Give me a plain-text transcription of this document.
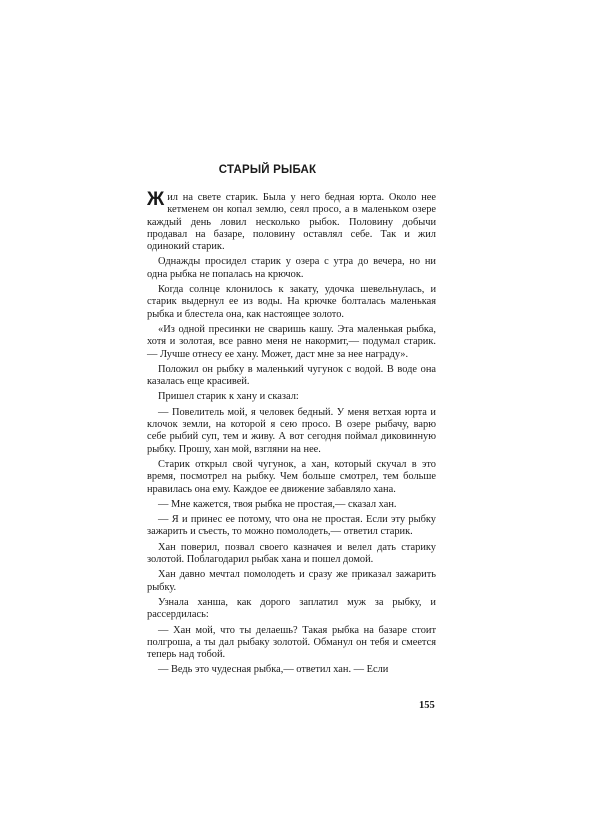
СТАРЫЙ РЫБАК

Жил на свете старик. Была у него бедная юрта. Около нее кетменем он копал землю, сеял просо, а в маленьком озере каждый день ловил несколько рыбок. Половину добычи продавал на базаре, половину оставлял себе. Так и жил одинокий старик.

Однажды просидел старик у озера с утра до вечера, но ни одна рыбка не попалась на крючок.

Когда солнце клонилось к закату, удочка шевельнулась, и старик выдернул ее из воды. На крючке болталась маленькая рыбка и блестела она, как настоящее золото.

«Из одной пресинки не сваришь кашу. Эта маленькая рыбка, хотя и золотая, все равно меня не накормит,— подумал старик.— Лучше отнесу ее хану. Может, даст мне за нее награду».

Положил он рыбку в маленький чугунок с водой. В воде она казалась еще красивей.

Пришел старик к хану и сказал:

— Повелитель мой, я человек бедный. У меня ветхая юрта и клочок земли, на которой я сею просо. В озере рыбачу, варю себе рыбий суп, тем и живу. А вот сегодня поймал диковинную рыбку. Прошу, хан мой, взгляни на нее.

Старик открыл свой чугунок, а хан, который скучал в это время, посмотрел на рыбку. Чем больше смотрел, тем больше нравилась она ему. Каждое ее движение забавляло хана.

— Мне кажется, твоя рыбка не простая,— сказал хан.

— Я и принес ее потому, что она не простая. Если эту рыбку зажарить и съесть, то можно помолодеть,— ответил старик.

Хан поверил, позвал своего казначея и велел дать старику золотой. Поблагодарил рыбак хана и пошел домой.

Хан давно мечтал помолодеть и сразу же приказал зажарить рыбку.

Узнала ханша, как дорого заплатил муж за рыбку, и рассердилась:

— Хан мой, что ты делаешь? Такая рыбка на базаре стоит полгроша, а ты дал рыбаку золотой. Обманул он тебя и смеется теперь над тобой.

— Ведь это чудесная рыбка,— ответил хан. — Если

155
